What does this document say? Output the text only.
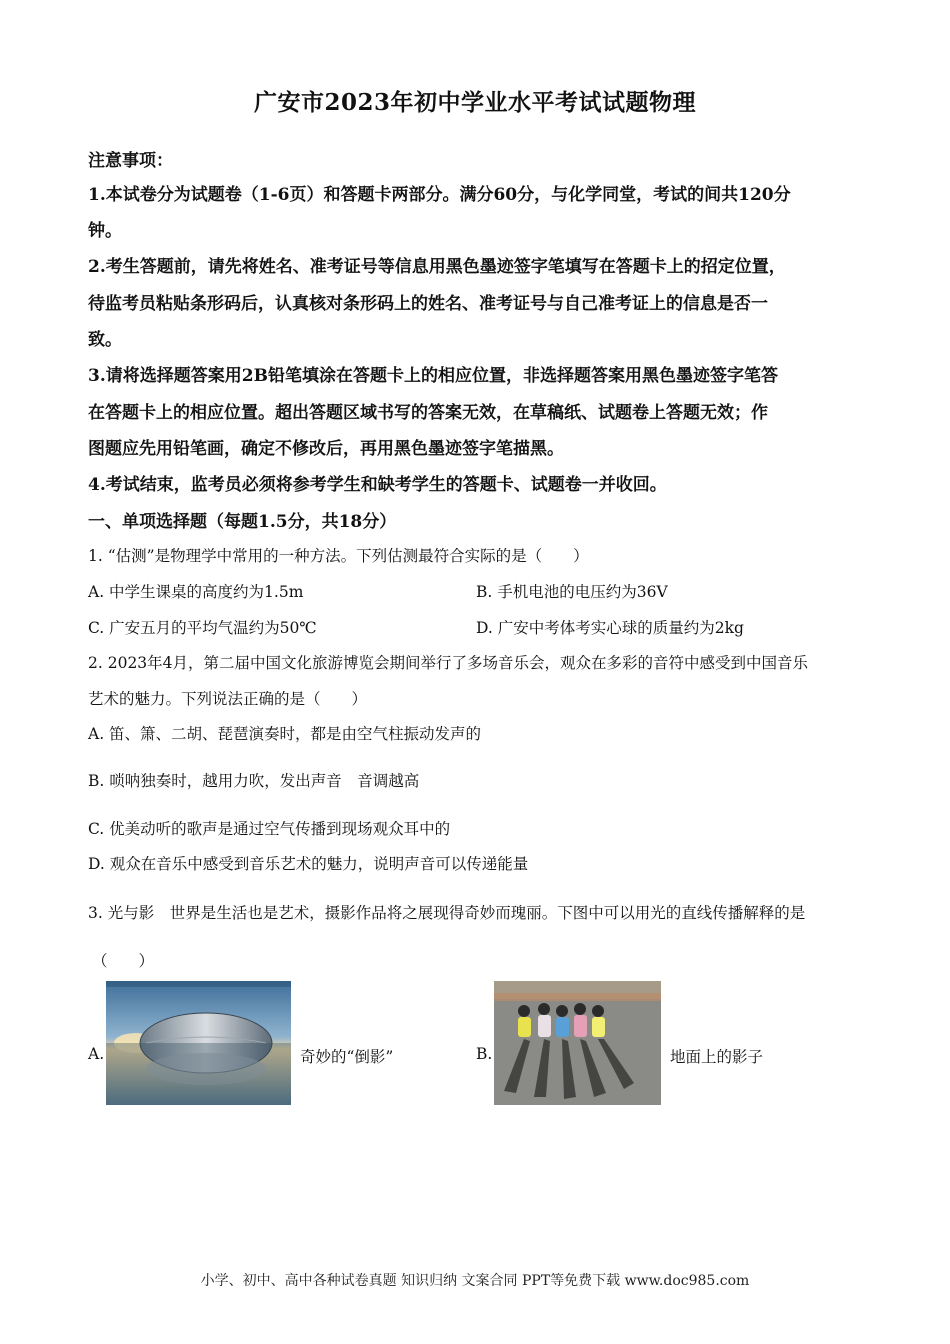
广安市2023年初中学业水平考试试题物理
注意事项：
1.本试卷分为试题卷（1-6页）和答题卡两部分。满分60分，与化学同堂，考试的间共120分
钟。
2.考生答题前，请先将姓名、准考证号等信息用黑色墨迹签字笔填写在答题卡上的招定位置，
待监考员粘贴条形码后，认真核对条形码上的姓名、准考证号与自己准考证上的信息是否一
致。
3.请将选择题答案用2B铅笔填涂在答题卡上的相应位置，非选择题答案用黑色墨迹签字笔答
在答题卡上的相应位置。超出答题区域书写的答案无效，在草稿纸、试题卷上答题无效；作
图题应先用铅笔画，确定不修改后，再用黑色墨迹签字笔描黑。
4.考试结束，监考员必须将参考学生和缺考学生的答题卡、试题卷一并收回。
一、单项选择题（每题1.5分，共18分）
1. “估测”是物理学中常用的一种方法。下列估测最符合实际的是（　　）
A. 中学生课桌的高度约为1.5m	B. 手机电池的电压约为36V
C. 广安五月的平均气温约为50℃	D. 广安中考体考实心球的质量约为2kg
2. 2023年4月，第二届中国文化旅游博览会期间举行了多场音乐会，观众在多彩的音符中感受到中国音乐
艺术的魅力。下列说法正确的是（　　）
A. 笛、箫、二胡、琵琶演奏时，都是由空气柱振动发声的
B. 唢呐独奏时，越用力吹，发出声音　音调越高
C. 优美动听的歌声是通过空气传播到现场观众耳中的
D. 观众在音乐中感受到音乐艺术的魅力，说明声音可以传递能量
3. 光与影　世界是生活也是艺术，摄影作品将之展现得奇妙而瑰丽。下图中可以用光的直线传播解释的是
（　　）
A.	奇妙的“倒影”	B.	地面上的影子
小学、初中、高中各种试卷真题 知识归纳 文案合同 PPT等免费下载 www.doc985.com
